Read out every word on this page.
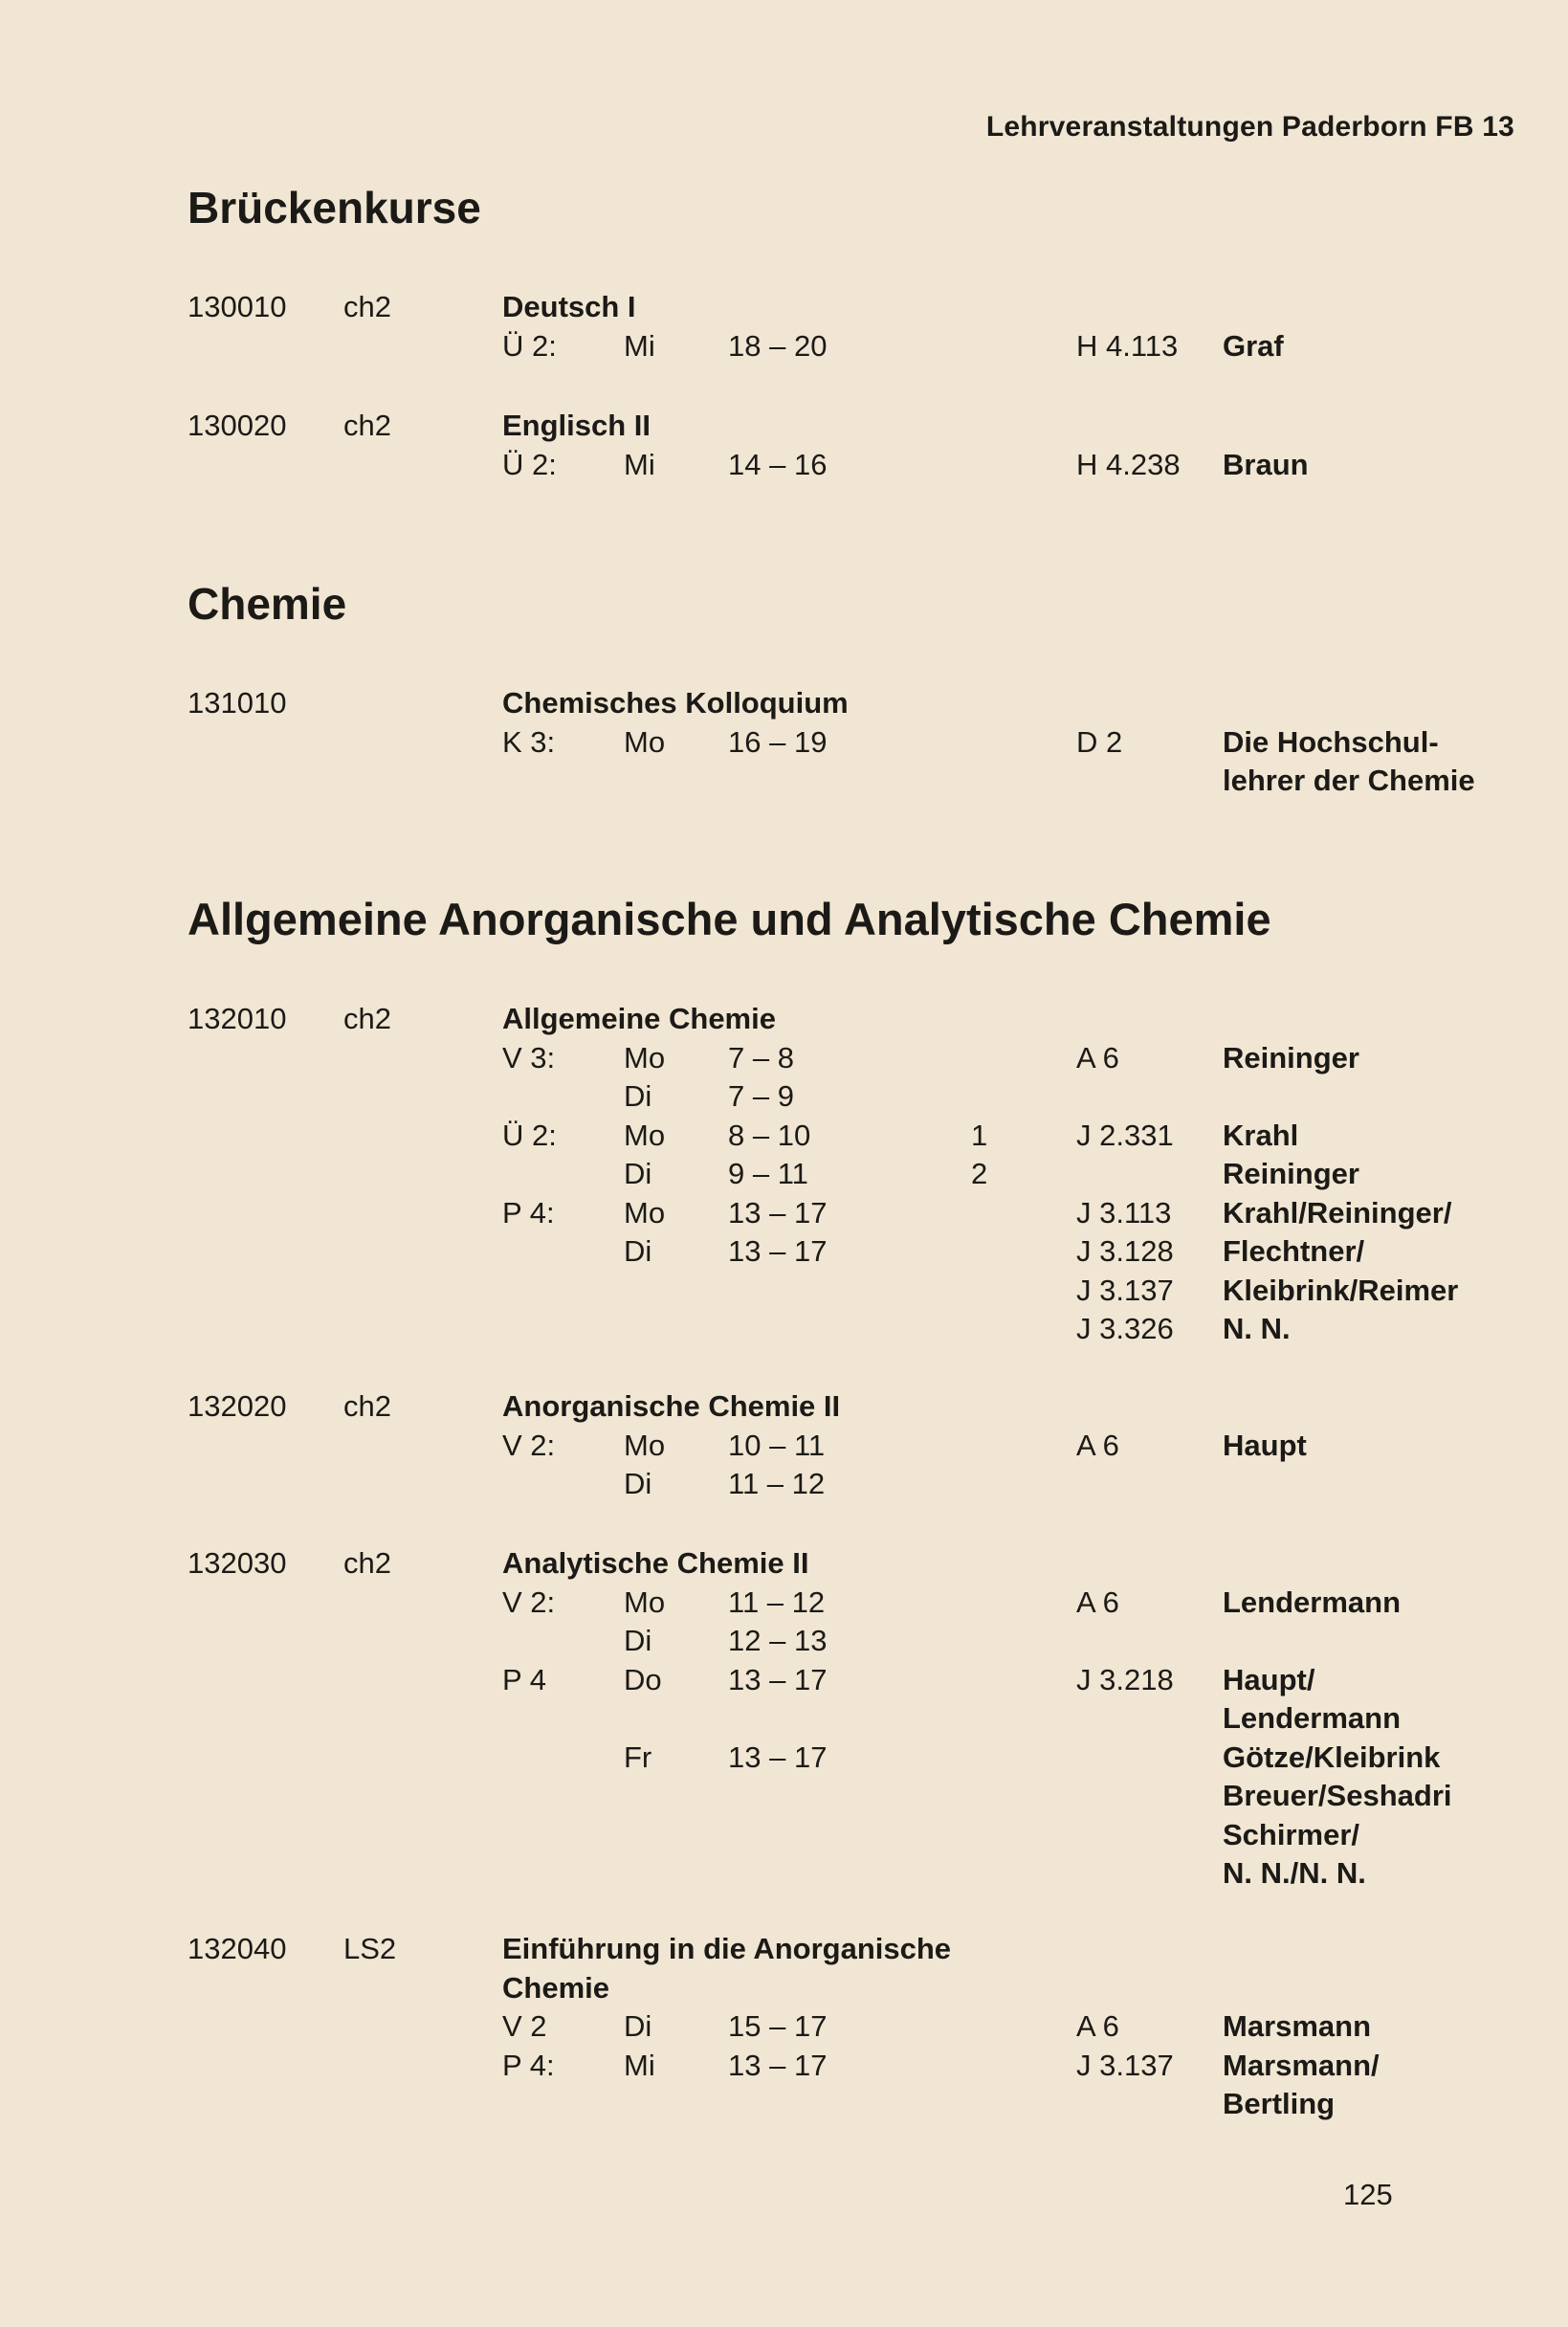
Lehrveranstaltungen Paderborn FB 13
Brückenkurse
130010 ch2	Deutsch I
Ü 2: Mi 18 – 20	H 4.113 Graf
130020 ch2	Englisch II
Ü 2: Mi 14 – 16	H 4.238 Braun
Chemie
131010	Chemisches Kolloquium
K 3: Mo 16 – 19	D 2	Die Hochschul-
lehrer der Chemie
Allgemeine Anorganische und Analytische Chemie
132010 ch2	Allgemeine Chemie
V 3: Mo 7 – 8	A 6	Reininger
Di	7 – 9
Ü 2: Mo 8 – 10	1	J 2.331 Krahl
Di	9 – 11	2	Reininger
P 4: Mo 13 – 17	J 3.113 Krahl/Reininger/
Di	13 – 17	J 3.128 Flechtner/
J 3.137 Kleibrink/Reimer
J 3.326 N. N.
132020 ch2	Anorganische Chemie II
V 2: Mo 10 – 11	A 6	Haupt
Di	11 – 12
132030 ch2	Analytische Chemie II
V 2: Mo 11 – 12	A 6	Lendermann
Di	12 – 13
P 4	Do 13 – 17	J 3.218 Haupt/
Lendermann
Fr	13 – 17	Götze/Kleibrink
Breuer/Seshadri
Schirmer/
N. N./N. N.
132040 LS2	Einführung in die Anorganische
Chemie
V 2	Di	15 – 17	A 6	Marsmann
P 4: Mi 13 – 17	J 3.137 Marsmann/
Bertling
125
